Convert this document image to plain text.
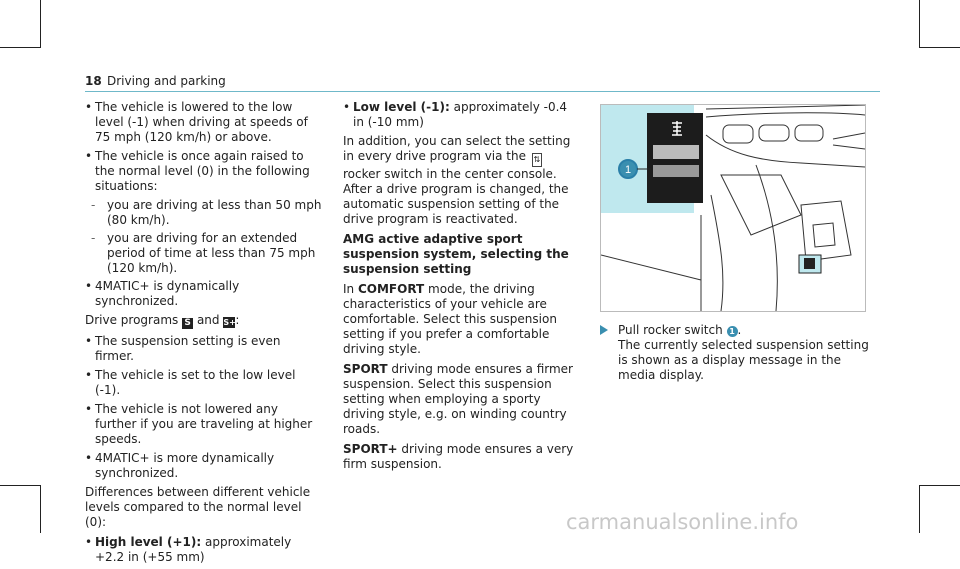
18 Driving and parking
• The vehicle is lowered to the low level (-1) when driving at speeds of 75 mph (120 km/h) or above.
• The vehicle is once again raised to the normal level (0) in the following situations:
- you are driving at less than 50 mph (80 km/h).
- you are driving for an extended period of time at less than 75 mph (120 km/h).
• 4MATIC+ is dynamically synchronized.

Drive programs S and S+:

• The suspension setting is even firmer.
• The vehicle is set to the low level (-1).
• The vehicle is not lowered any further if you are traveling at higher speeds.
• 4MATIC+ is more dynamically synchronized.

Differences between different vehicle levels compared to the normal level (0):

• High level (+1): approximately +2.2 in (+55 mm)
• Low level (-1): approximately -0.4 in (-10 mm)

In addition, you can select the setting in every drive program via the ⇅ rocker switch in the center console. After a drive program is changed, the automatic suspension setting of the drive program is reactivated.

AMG active adaptive sport suspension system, selecting the suspension setting

In COMFORT mode, the driving characteristics of your vehicle are comfortable. Select this suspension setting if you prefer a comfortable driving style.

SPORT driving mode ensures a firmer suspension. Select this suspension setting when employing a sporty driving style, e.g. on winding country roads.

SPORT+ driving mode ensures a very firm suspension.

1
Pull rocker switch 1 .
The currently selected suspension setting is shown as a display message in the media display.
carmanualsonline.info
